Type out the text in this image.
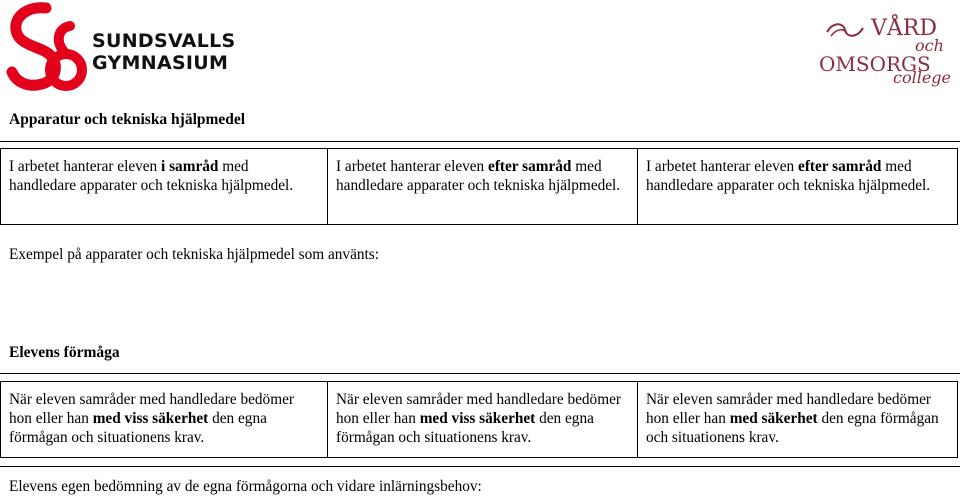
SUNDSVALLS
GYMNASIUM
VÅRD
och
OMSORGS
college
Apparatur och tekniska hjälpmedel
I arbetet hanterar eleven i samråd med handledare apparater och tekniska hjälpmedel.
I arbetet hanterar eleven efter samråd med handledare apparater och tekniska hjälpmedel.
I arbetet hanterar eleven efter samråd med handledare apparater och tekniska hjälpmedel.
Exempel på apparater och tekniska hjälpmedel som använts:
Elevens förmåga
När eleven samråder med handledare bedömer hon eller han med viss säkerhet den egna förmågan och situationens krav.
När eleven samråder med handledare bedömer hon eller han med viss säkerhet den egna förmågan och situationens krav.
När eleven samråder med handledare bedömer hon eller han med säkerhet den egna förmågan och situationens krav.
Elevens egen bedömning av de egna förmågorna och vidare inlärningsbehov:
